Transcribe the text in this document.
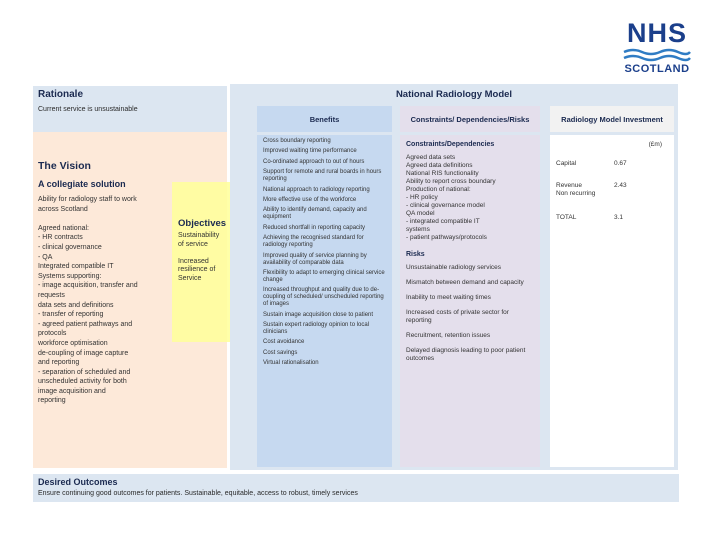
NHS
SCOTLAND
Rationale
Current service is unsustainable
The Vision
A collegiate solution
Ability for radiology staff to work
across Scotland

Agreed national:
- HR contracts
- clinical governance
- QA
Integrated compatible IT
Systems supporting:
- image acquisition, transfer and
requests
data sets and definitions
- transfer of reporting
- agreed patient pathways and
protocols
workforce optimisation
de-coupling of image capture
and reporting
- separation of scheduled and
unscheduled activity for both
image acquisition and
reporting
Objectives
Sustainability
of service

Increased
resilience of
Service
National Radiology Model
Benefits
Cross boundary reporting
Improved waiting time performance
Co-ordinated approach to out of hours
Support for remote and rural boards in hours reporting
National approach to radiology reporting
More effective use of the workforce
Ability to identify demand, capacity and equipment
Reduced shortfall in reporting capacity
Achieving the recognised standard for radiology reporting
Improved quality of service planning by availability of comparable data
Flexibility to adapt to emerging clinical service change
Increased throughput and quality due to de-coupling of scheduled/ unscheduled reporting of images
Sustain image acquisition close to patient
Sustain expert radiology opinion to local clinicians
Cost avoidance
Cost savings
Virtual rationalisation
Constraints/ Dependencies/Risks
Constraints/Dependencies
Agreed data sets
Agreed data definitions
National RIS functionality
Ability to report cross boundary
Production of national:
- HR policy
- clinical governance model
QA model
- integrated compatible IT
systems
- patient pathways/protocols
Risks
Unsustainable radiology services
Mismatch between demand and capacity
Inability to meet waiting times
Increased costs of private sector for reporting
Recruitment, retention issues
Delayed diagnosis leading to poor patient outcomes
Radiology Model Investment
(£m)
Capital	0.67
Revenue	2.43
Non recurring
TOTAL	3.1
Desired Outcomes
Ensure continuing good outcomes for patients. Sustainable, equitable, access to robust, timely services
